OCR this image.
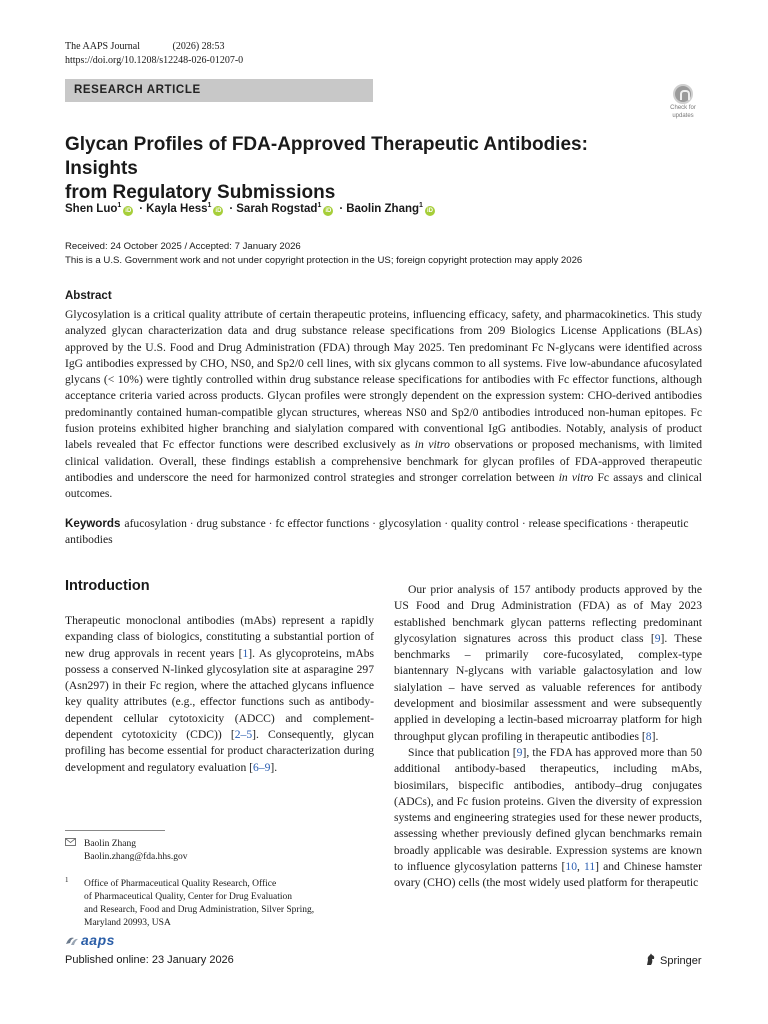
The AAPS Journal	(2026) 28:53
https://doi.org/10.1208/s12248-026-01207-0
RESEARCH ARTICLE
Check for
updates
Glycan Profiles of FDA-Approved Therapeutic Antibodies: Insights
from Regulatory Submissions
Shen Luo$^1$iD · Kayla Hess$^1$iD · Sarah Rogstad$^1$iD · Baolin Zhang$^1$iD
Received: 24 October 2025 / Accepted: 7 January 2026
This is a U.S. Government work and not under copyright protection in the US; foreign copyright protection may apply 2026
Abstract
Glycosylation is a critical quality attribute of certain therapeutic proteins, influencing efficacy, safety, and pharmacokinetics. This study analyzed glycan characterization data and drug substance release specifications from 209 Biologics License Applications (BLAs) approved by the U.S. Food and Drug Administration (FDA) through May 2025. Ten predominant Fc N-glycans were identified across IgG antibodies expressed by CHO, NS0, and Sp2/0 cell lines, with six glycans common to all systems. Five low-abundance afucosylated glycans (< 10%) were tightly controlled within drug substance release specifications for antibodies with Fc effector functions, although acceptance criteria varied across products. Glycan profiles were strongly dependent on the expression system: CHO-derived antibodies predominantly contained human-compatible glycan structures, whereas NS0 and Sp2/0 antibodies introduced non-human epitopes. Fc fusion proteins exhibited higher branching and sialylation compared with conventional IgG antibodies. Notably, analysis of product labels revealed that Fc effector functions were described exclusively as in vitro observations or proposed mechanisms, with limited clinical validation. Overall, these findings establish a comprehensive benchmark for glycan profiles of FDA-approved therapeutic antibodies and underscore the need for harmonized control strategies and stronger correlation between in vitro Fc assays and clinical outcomes.
Keywords afucosylation · drug substance · fc effector functions · glycosylation · quality control · release specifications · therapeutic antibodies
Introduction

Therapeutic monoclonal antibodies (mAbs) represent a rapidly expanding class of biologics, constituting a substantial portion of new drug approvals in recent years [1]. As glycoproteins, mAbs possess a conserved N-linked glycosylation site at asparagine 297 (Asn297) in their Fc region, where the attached glycans influence key quality attributes (e.g., effector functions such as antibody-dependent cellular cytotoxicity (ADCC) and complement-dependent cytotoxicity (CDC)) [2–5]. Consequently, glycan profiling has become essential for product characterization during development and regulatory evaluation [6–9].

Our prior analysis of 157 antibody products approved by the US Food and Drug Administration (FDA) as of May 2023 established benchmark glycan patterns reflecting predominant glycosylation signatures across this product class [9]. These benchmarks – primarily core-fucosylated, complex-type biantennary N-glycans with variable galactosylation and low sialylation – have served as valuable references for antibody development and biosimilar assessment and were subsequently applied in developing a lectin-based microarray platform for high throughput glycan profiling in therapeutic antibodies [8].

Since that publication [9], the FDA has approved more than 50 additional antibody-based therapeutics, including mAbs, biosimilars, bispecific antibodies, antibody–drug conjugates (ADCs), and Fc fusion proteins. Given the diversity of expression systems and engineering strategies used for these newer products, assessing whether previously defined glycan benchmarks remain broadly applicable was desirable. Expression systems are known to influence glycosylation patterns [10, 11] and Chinese hamster ovary (CHO) cells (the most widely used platform for therapeutic

Baolin Zhang
Baolin.zhang@fda.hhs.gov
1 Office of Pharmaceutical Quality Research, Office
of Pharmaceutical Quality, Center for Drug Evaluation
and Research, Food and Drug Administration, Silver Spring,
Maryland 20993, USA
aaps
Published online: 23 January 2026	Springer
